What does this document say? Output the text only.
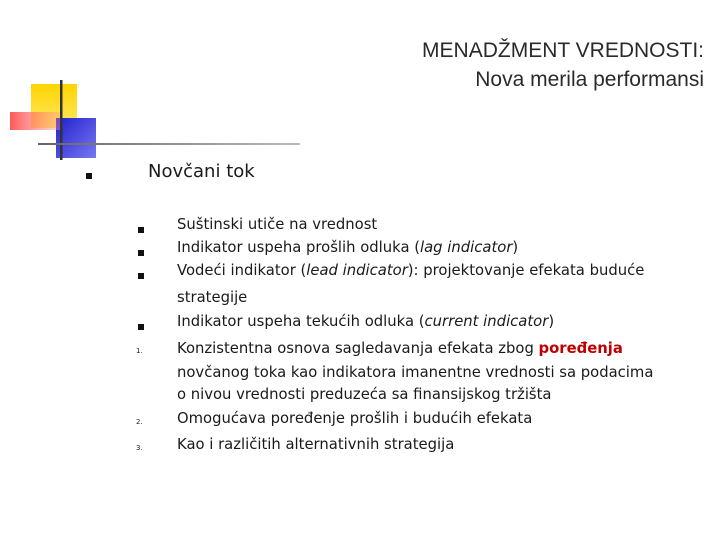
MENADŽMENT VREDNOSTI:
Nova merila performansi
Novčani tok
Suštinski utiče na vrednost
Indikator uspeha prošlih odluka (lag indicator)
Vodeći indikator (lead indicator): projektovanje efekata buduće
strategije
Indikator uspeha tekućih odluka (current indicator)
1. Konzistentna osnova sagledavanja efekata zbog poređenja
novčanog toka kao indikatora imanentne vrednosti sa podacima
o nivou vrednosti preduzeća sa finansijskog tržišta
2. Omogućava poređenje prošlih i budućih efekata
3. Kao i različitih alternativnih strategija
